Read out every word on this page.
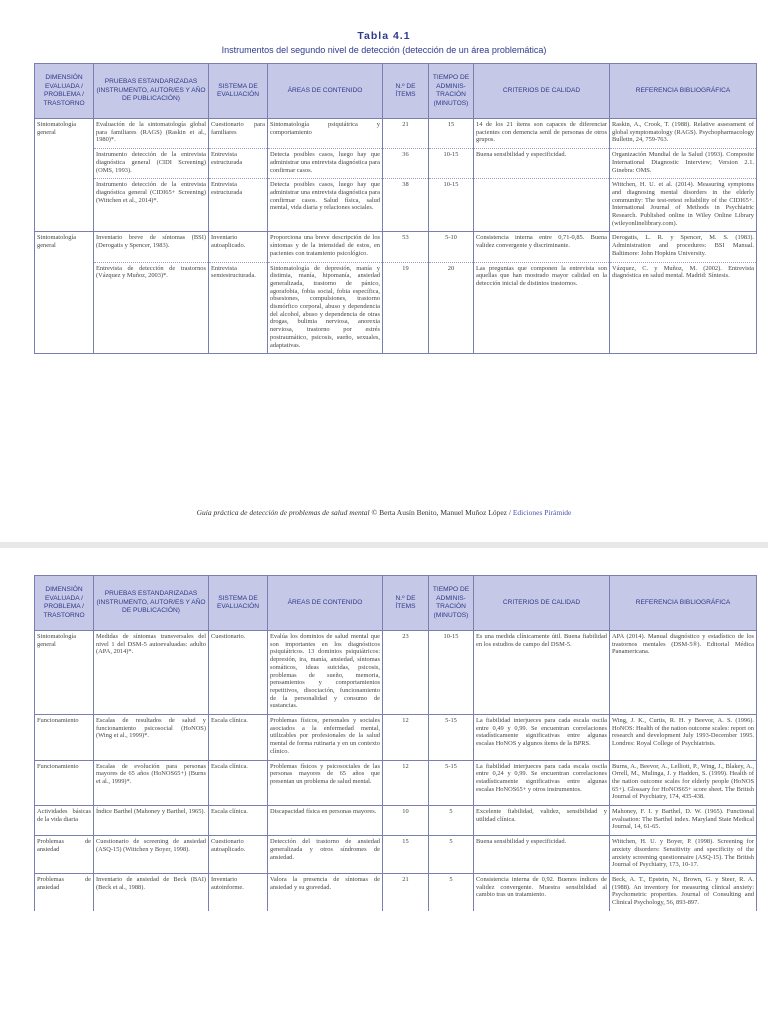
Tabla 4.1
Instrumentos del segundo nivel de detección (detección de un área problemática)
DIMENSIÓN EVALUADA / PROBLEMA / TRASTORNO	PRUEBAS ESTANDARIZADAS (INSTRUMENTO, AUTOR/ES Y AÑO DE PUBLICACIÓN)	SISTEMA DE EVALUACIÓN	ÁREAS DE CONTENIDO	N.º DE ÍTEMS	TIEMPO DE ADMINIS- TRACIÓN (MINUTOS)	CRITERIOS DE CALIDAD	REFERENCIA BIBLIOGRÁFICA
Sintomatología general	Evaluación de la sintomatología global para familiares (RAGS) (Raskin et al., 1980)*.	Cuestionario para familiares	Sintomatología psiquiátrica y comportamiento	21	15	14 de los 21 ítems son capaces de diferenciar pacientes con demencia senil de personas de otros grupos.	Raskin, A., Crook, T. (1988). Relative assessment of global symptomatology (RAGS). Psychopharmacology Bulletin, 24, 759-763.
	Instrumento detección de la entrevista diagnóstica general (CIDI Screening) (OMS, 1993).	Entrevista estructurada	Detecta posibles casos, luego hay que administrar una entrevista diagnóstica para confirmar casos.	36	10-15	Buena sensibilidad y especificidad.	Organización Mundial de la Salud (1993). Composite International Diagnostic Interview; Version 2.1. Ginebra: OMS.
	Instrumento detección de la entrevista diagnóstica general (CIDI65+ Screening) (Wittchen et al., 2014)*.	Entrevista estructurada	Detecta posibles casos, luego hay que administrar una entrevista diagnóstica para confirmar casos. Salud física, salud mental, vida diaria y relaciones sociales.	38	10-15		Wittchen, H. U. et al. (2014). Measuring symptoms and diagnosing mental disorders in the elderly community: The test-retest reliability of the CIDI65+. International Journal of Methods in Psychiatric Research. Published online in Wiley Online Library (wileyonlinelibrary.com).
Sintomatología general	Inventario breve de síntomas (BSI) (Derogatis y Spencer, 1983).	Inventario autoaplicado.	Proporciona una breve descripción de los síntomas y de la intensidad de estos, en pacientes con tratamiento psicológico.	53	5-10	Consistencia interna entre 0,71-0,85. Buena validez convergente y discriminante.	Derogatis, L. R. y Spencer, M. S. (1983). Administration and procedures: BSI Manual. Baltimore: John Hopkins University.
	Entrevista de detección de trastornos (Vázquez y Muñoz, 2003)*.	Entrevista semiestructurada.	Sintomatología de depresión, manía y distimia, manía, hipomanía, ansiedad generalizada, trastorno de pánico, agorafobia, fobia social, fobia específica, obsesiones, compulsiones, trastorno dismórfico corporal, abuso y dependencia del alcohol, abuso y dependencia de otras drogas, bulimia nerviosa, anorexia nerviosa, trastorno por estrés postraumático, psicosis, sueño, sexuales, adaptativas.	19	20	Las preguntas que componen la entrevista son aquellas que han mostrado mayor calidad en la detección inicial de distintos trastornos.	Vázquez, C. y Muñoz, M. (2002). Entrevista diagnóstica en salud mental. Madrid: Síntesis.
Guía práctica de detección de problemas de salud mental © Berta Ausín Benito, Manuel Muñoz López / Ediciones Pirámide
DIMENSIÓN EVALUADA / PROBLEMA / TRASTORNO	PRUEBAS ESTANDARIZADAS (INSTRUMENTO, AUTOR/ES Y AÑO DE PUBLICACIÓN)	SISTEMA DE EVALUACIÓN	ÁREAS DE CONTENIDO	N.º DE ÍTEMS	TIEMPO DE ADMINIS- TRACIÓN (MINUTOS)	CRITERIOS DE CALIDAD	REFERENCIA BIBLIOGRÁFICA
Sintomatología general	Medidas de síntomas transversales del nivel 1 del DSM-5 autoevaluadas: adulto (APA, 2014)*.	Cuestionario.	Evalúa los dominios de salud mental que son importantes en los diagnósticos psiquiátricos. 13 dominios psiquiátricos: depresión, ira, manía, ansiedad, síntomas somáticos, ideas suicidas, psicosis, problemas de sueño, memoria, pensamientos y comportamientos repetitivos, disociación, funcionamiento de la personalidad y consumo de sustancias.	23	10-15	Es una medida clínicamente útil. Buena fiabilidad en los estudios de campo del DSM-5.	APA (2014). Manual diagnóstico y estadístico de los trastornos mentales (DSM-5®). Editorial Médica Panamericana.
Funcionamiento	Escalas de resultados de salud y funcionamiento psicosocial (HoNOS) (Wing et al., 1999)*.	Escala clínica.	Problemas físicos, personales y sociales asociados a la enfermedad mental, utilizables por profesionales de la salud mental de forma rutinaria y en un contexto clínico.	12	5-15	La fiabilidad interjueces para cada escala oscila entre 0,49 y 0,99. Se encuentran correlaciones estadísticamente significativas entre algunas escalas HoNOS y algunos ítems de la BPRS.	Wing, J. K., Curtis, R. H. y Beevor, A. S. (1996). HoNOS: Health of the nation outcome scales: report on research and development July 1993-December 1995. Londres: Royal College of Psychiatrists.
Funcionamiento	Escalas de evolución para personas mayores de 65 años (HoNOS65+) (Burns et al., 1999)*.	Escala clínica.	Problemas físicos y psicosociales de las personas mayores de 65 años que presentan un problema de salud mental.	12	5-15	La fiabilidad interjueces para cada escala oscila entre 0,24 y 0,99. Se encuentran correlaciones estadísticamente significativas entre algunas escalas HoNOS65+ y otros instrumentos.	Burns, A., Beevor, A., Lelliott, P., Wing, J., Blakey, A., Orrell, M., Mulinga, J. y Hadden, S. (1999). Health of the nation outcome scales for elderly people (HoNOS 65+). Glossary for HoNOS65+ score sheet. The British Journal of Psychiatry, 174, 435-438.
Actividades básicas de la vida diaria	Índice Barthel (Mahoney y Barthel, 1965).	Escala clínica.	Discapacidad física en personas mayores.	10	5	Excelente fiabilidad, validez, sensibilidad y utilidad clínica.	Mahoney, F. I. y Barthel, D. W. (1965). Functional evaluation: The Barthel index. Maryland State Medical Journal, 14, 61-65.
Problemas de ansiedad	Cuestionario de screening de ansiedad (ASQ-15) (Wittchen y Boyer, 1998).	Cuestionario autoaplicado.	Detección del trastorno de ansiedad generalizada y otros síndromes de ansiedad.	15	5	Buena sensibilidad y especificidad.	Wittchen, H. U. y Boyer, P. (1998). Screening for anxiety disorders: Sensitivity and specificity of the anxiety screening questionnaire (ASQ-15). The British Journal of Psychiatry, 173, 10-17.
Problemas de ansiedad	Inventario de ansiedad de Beck (BAI) (Beck et al., 1988).	Inventario autoinforme.	Valora la presencia de síntomas de ansiedad y su gravedad.	21	5	Consistencia interna de 0,92. Buenos índices de validez convergente. Muestra sensibilidad al cambio tras un tratamiento.	Beck, A. T., Epstein, N., Brown, G. y Steer, R. A. (1988). An inventory for measuring clinical anxiety: Psychometric properties. Journal of Consulting and Clinical Psychology, 56, 893-897.
